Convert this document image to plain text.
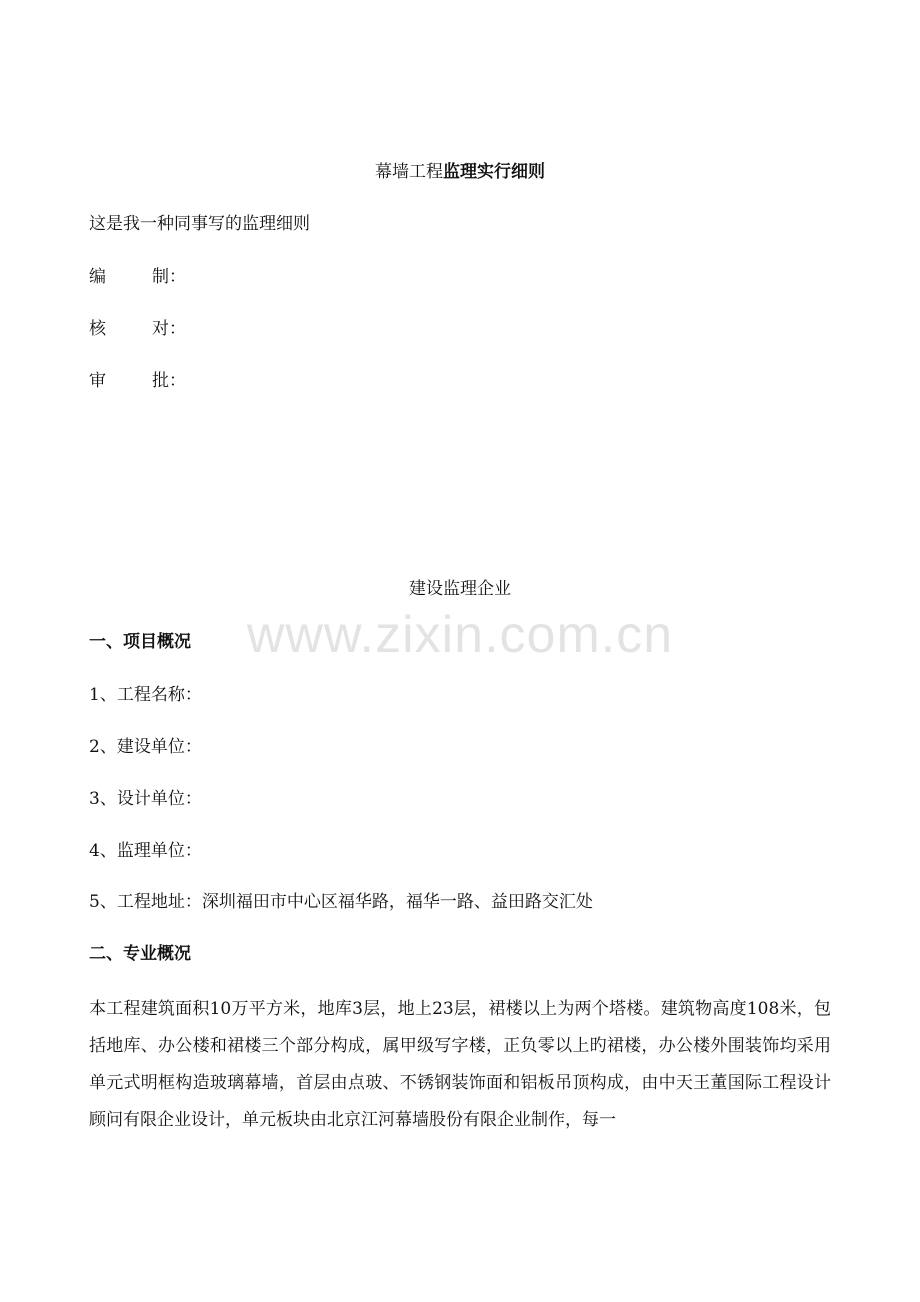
幕墙工程监理实行细则
这是我一种同事写的监理细则
编	制：
核	对：
审	批：
建设监理企业
www.zixin.com.cn
一、项目概况
1、工程名称：
2、建设单位：
3、设计单位：
4、监理单位：
5、工程地址：深圳福田市中心区福华路，福华一路、益田路交汇处
二、专业概况
本工程建筑面积10万平方米，地库3层，地上23层，裙楼以上为两个塔楼。建筑物高度108米，包括地库、办公楼和裙楼三个部分构成，属甲级写字楼，正负零以上旳裙楼，办公楼外围装饰均采用单元式明框构造玻璃幕墙，首层由点玻、不锈钢装饰面和铝板吊顶构成，由中天王董国际工程设计顾问有限企业设计，单元板块由北京江河幕墙股份有限企业制作，每一
